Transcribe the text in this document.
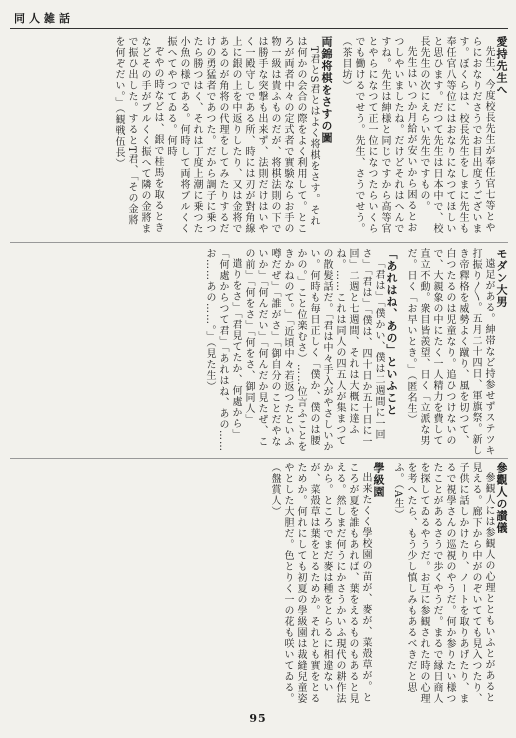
同人雑話
愛持先生へ

先生、今度校長先生が奉任官七等とやらにおなりださうでお目出度うございます。ぼくらは、校長先生をしまに先生も奉任官八等位にはおなりになつてほしいと思ひます。だつて先生は日本中で、校長先生の次にえらい先生ですもの。

先生はいつか月給が安いから困るとおつしやいましたね。だけどそれはへんですね。先生は紳様と同じですから高等官とやらになつて正一位になつたらいくらでも働けるでせう。先生、さうでせう。（茶目坊）

両錦将棋をさすの圖

T君とS君とはよく将棋をさす。それは何かの会合の際をよく利用して。ところが両者中々の定式者で實験ならお手の物一級は貴ふものだが、将棋法則の下では勝手な突撃も出来ず、法則だけはいやく一殿守しである所、時には刃が對角線上に銀の上を中返りしたり、又は金将であるのが角将の代理をしてみたりするだけの勇猛者であつた。だから調子に乗つたら勝つはく、それは丁度上潮に乗つた小魚の様である。何時して両将ブルくく振へてやつてゐる。何時

ぞやの時などは、銀で桂馬を取るときなどその手がブルくく振へて隣の金將まで振ひ出した。するとT君、「その金將を何ぞだい。」（観戦伍長）

モダン大男

遠足がある。紳帯など持参せずステツキ打振り〳〵。五月二十四日、軍旗祭。新しき帝釋格を威勢よく蹴り、風を切つて、白つたるのは児童なり。追ひつけないので、大親象の中にたく一人精力を費して直立不動。衆目皆羨望、日く「立派な男だ。日く「お早いとき。」（匿名生）

「あれはね、あの」といふこと

「君は」「僕かい、僕は二週間に一回さ」「君は」「僕は、四十日か五十日に一回」二週と七週間、それは大概に達ふね。……これは同人の四五人が集まつての散髪話だ。「君は中々手入がやさしいかい。何時も毎日正しく「僕か、僕のは腰かの。」こと位楽むさ）……位言ふことをきかねのて。」「近頃中々若返つたといふ噂だぜ」「誰がさ」「御自分のことだやないか」「何んだい」「何んだか見たぜ、この前」「何をさ」「何をさ、御同人」

遣りをさ」「君見てたか、何處から」「何處からつて君」「あれはね、あの……お……あの……。」（見た生）

參觀人の讃儀

參観人には参観人の心理とともいふとがあると見える。廊下から中がのぞいてても見入つたり、子供に話しかけたり、ノートを取りあげたり、まるで視學さんの巡視のやうだ。何か参りたい様つたことがあるさうで歩くやうだ。まるで縁日商人を探してゐるやうだ。お互に参観された時の心理を考へたら、もう少し慎しみもあるべきだと思ふ。（A生）

學級園

出来たくく學校園の苗が、麥が、菜殻草が。ところが夏を誰もあれば、葉をえるものもあると見える。然しまだ何うにかさうかいふ現代の耕作法から。ところでまだ麥は種をとらるに相違ないが、菜殻草は葉をとるためか。それとも實をとるためか。何れにしても初夏の學級園は裁縫兒童姿やとした大胆だ。色とりく一の花も咲いてゐる。（盤賞人）

95
